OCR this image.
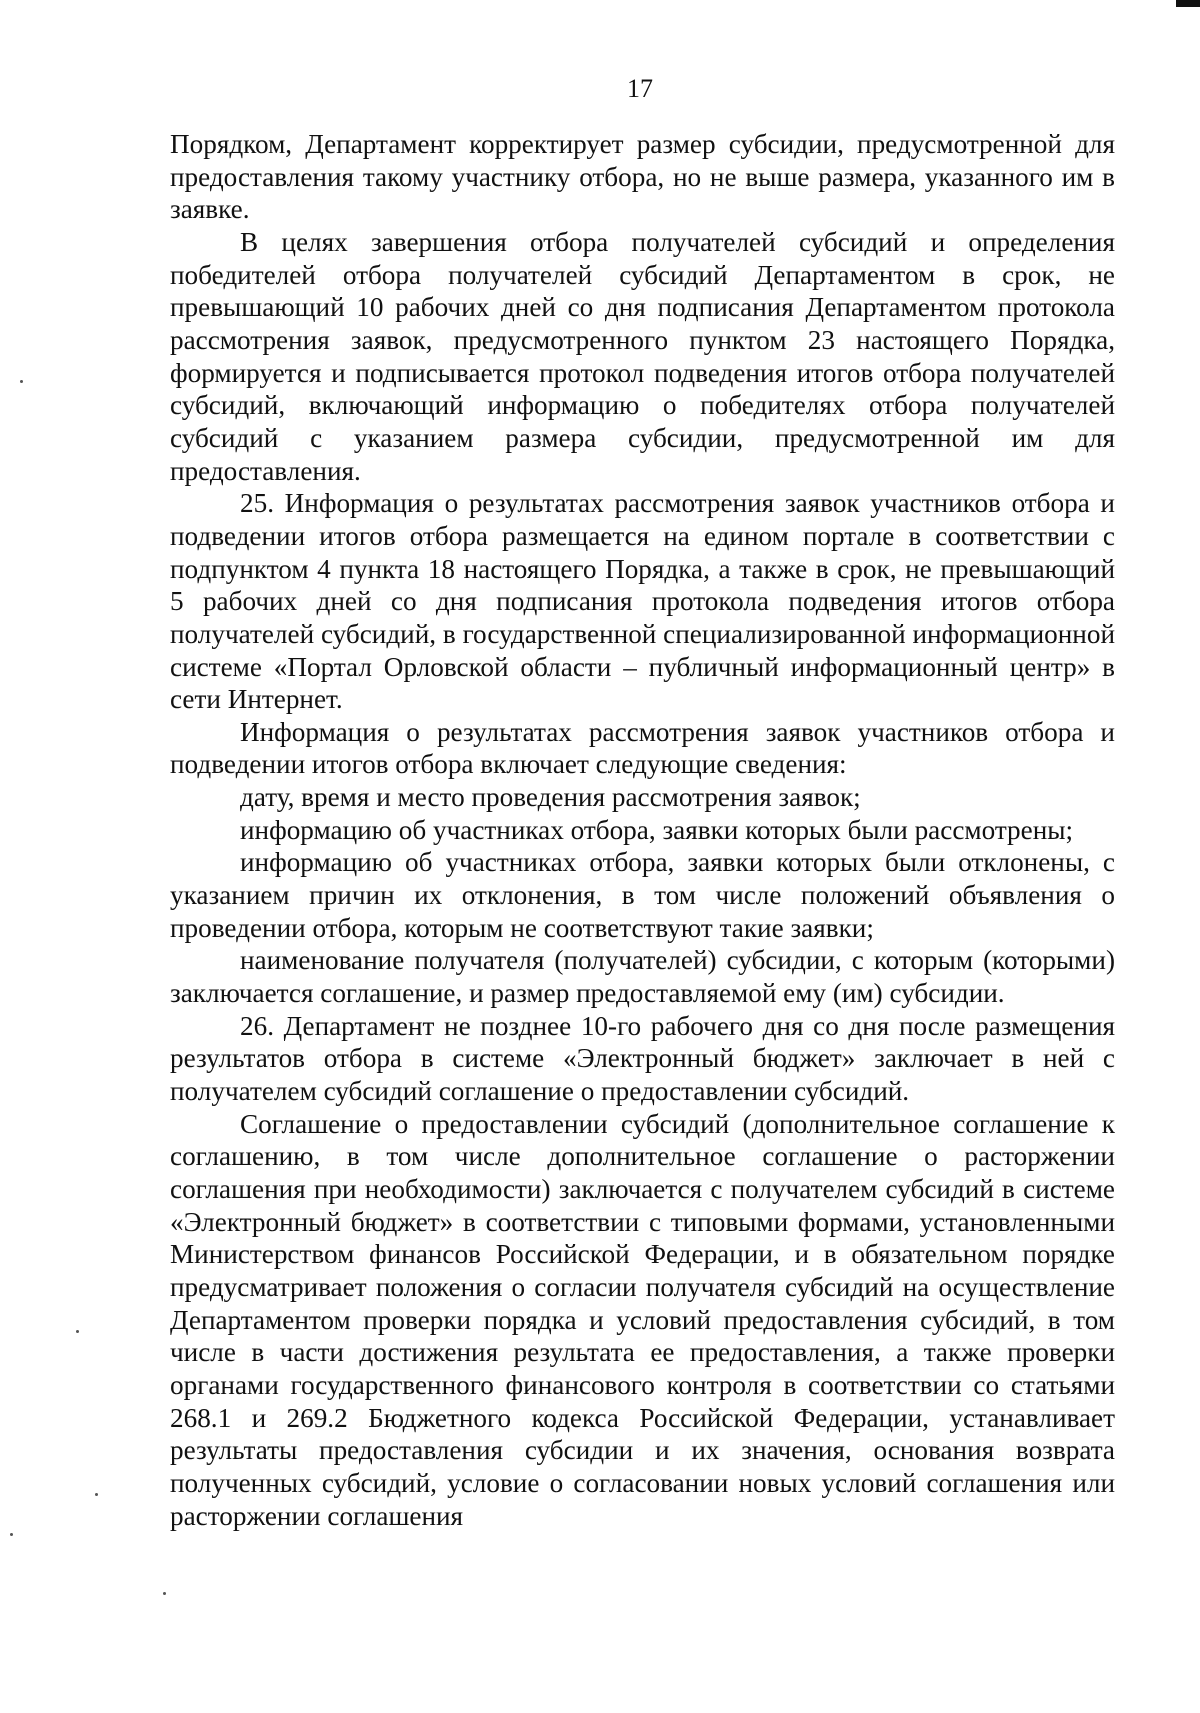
17

Порядком, Департамент корректирует размер субсидии, предусмотренной для предоставления такому участнику отбора, но не выше размера, указанного им в заявке.

В целях завершения отбора получателей субсидий и определения победителей отбора получателей субсидий Департаментом в срок, не превышающий 10 рабочих дней со дня подписания Департаментом протокола рассмотрения заявок, предусмотренного пунктом 23 настоящего Порядка, формируется и подписывается протокол подведения итогов отбора получателей субсидий, включающий информацию о победителях отбора получателей субсидий с указанием размера субсидии, предусмотренной им для предоставления.

25. Информация о результатах рассмотрения заявок участников отбора и подведении итогов отбора размещается на едином портале в соответствии с подпунктом 4 пункта 18 настоящего Порядка, а также в срок, не превышающий 5 рабочих дней со дня подписания протокола подведения итогов отбора получателей субсидий, в государственной специализированной информационной системе «Портал Орловской области – публичный информационный центр» в сети Интернет.

Информация о результатах рассмотрения заявок участников отбора и подведении итогов отбора включает следующие сведения:

дату, время и место проведения рассмотрения заявок;

информацию об участниках отбора, заявки которых были рассмотрены;

информацию об участниках отбора, заявки которых были отклонены, с указанием причин их отклонения, в том числе положений объявления о проведении отбора, которым не соответствуют такие заявки;

наименование получателя (получателей) субсидии, с которым (которыми) заключается соглашение, и размер предоставляемой ему (им) субсидии.

26. Департамент не позднее 10-го рабочего дня со дня после размещения результатов отбора в системе «Электронный бюджет» заключает в ней с получателем субсидий соглашение о предоставлении субсидий.

Соглашение о предоставлении субсидий (дополнительное соглашение к соглашению, в том числе дополнительное соглашение о расторжении соглашения при необходимости) заключается с получателем субсидий в системе «Электронный бюджет» в соответствии с типовыми формами, установленными Министерством финансов Российской Федерации, и в обязательном порядке предусматривает положения о согласии получателя субсидий на осуществление Департаментом проверки порядка и условий предоставления субсидий, в том числе в части достижения результата ее предоставления, а также проверки органами государственного финансового контроля в соответствии со статьями 268.1 и 269.2 Бюджетного кодекса Российской Федерации, устанавливает результаты предоставления субсидии и их значения, основания возврата полученных субсидий, условие о согласовании новых условий соглашения или расторжении соглашения
